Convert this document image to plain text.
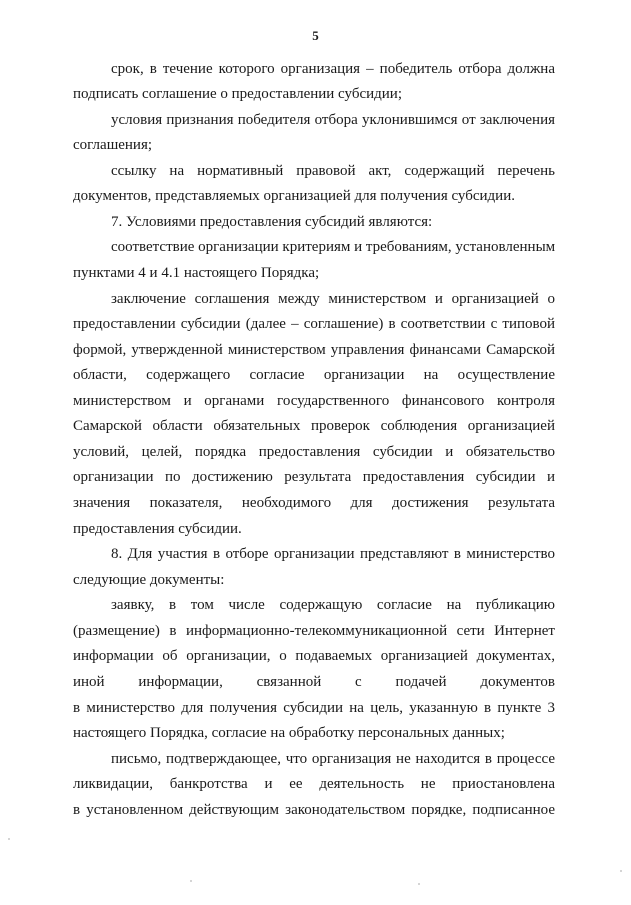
5
срок, в течение которого организация – победитель отбора должна
подписать соглашение о предоставлении субсидии;
условия признания победителя отбора уклонившимся от заключения
соглашения;
ссылку на нормативный правовой акт, содержащий перечень
документов, представляемых организацией для получения субсидии.
7. Условиями предоставления субсидий являются:
соответствие организации критериям и требованиям, установленным
пунктами 4 и 4.1 настоящего Порядка;
заключение соглашения между министерством и организацией о
предоставлении субсидии (далее – соглашение) в соответствии с типовой
формой, утвержденной министерством управления финансами Самарской
области, содержащего согласие организации на осуществление
министерством и органами государственного финансового контроля
Самарской области обязательных проверок соблюдения организацией
условий, целей, порядка предоставления субсидии и обязательство
организации по достижению результата предоставления субсидии и
значения показателя, необходимого для достижения результата
предоставления субсидии.
8. Для участия в отборе организации представляют в министерство
следующие документы:
заявку, в том числе содержащую согласие на публикацию
(размещение) в информационно-телекоммуникационной сети Интернет
информации об организации, о подаваемых организацией документах,
иной информации, связанной с подачей документов
в министерство для получения субсидии на цель, указанную в пункте 3
настоящего Порядка, согласие на обработку персональных данных;
письмо, подтверждающее, что организация не находится в процессе
ликвидации, банкротства и ее деятельность не приостановлена
в установленном действующим законодательством порядке, подписанное
